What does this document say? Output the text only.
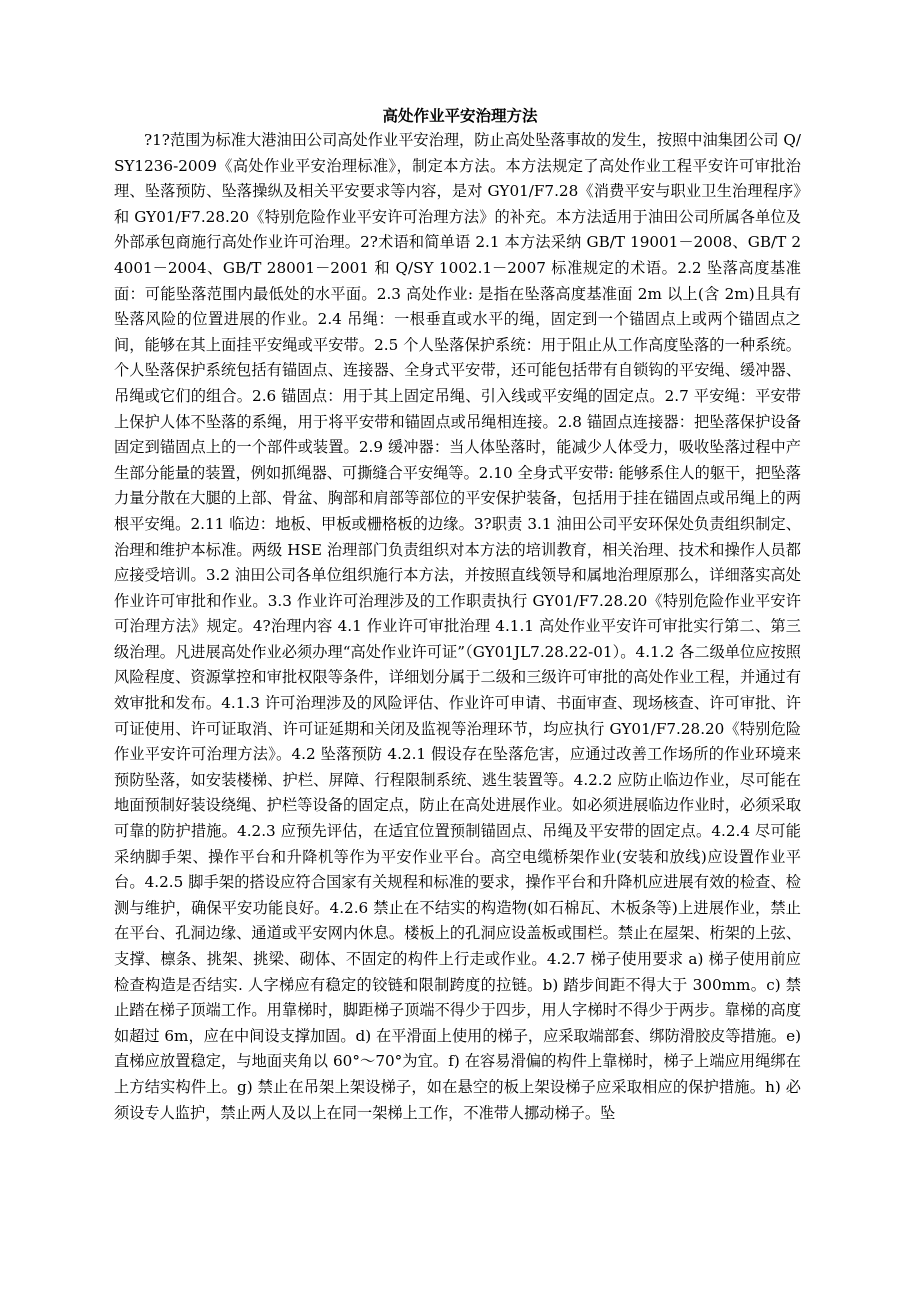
高处作业平安治理方法

?1?范围为标准大港油田公司高处作业平安治理，防止高处坠落事故的发生，按照中油集团公司 Q/SY1236-2009《高处作业平安治理标准》，制定本方法。本方法规定了高处作业工程平安许可审批治理、坠落预防、坠落操纵及相关平安要求等内容，是对 GY01/F7.28《消费平安与职业卫生治理程序》和 GY01/F7.28.20《特别危险作业平安许可治理方法》的补充。本方法适用于油田公司所属各单位及外部承包商施行高处作业许可治理。2?术语和简单语 2.1 本方法采纳 GB/T 19001－2008、GB/T 24001－2004、GB/T 28001－2001 和 Q/SY 1002.1－2007 标准规定的术语。2.2 坠落高度基准面：可能坠落范围内最低处的水平面。2.3 高处作业: 是指在坠落高度基准面 2m 以上(含 2m)且具有坠落风险的位置进展的作业。2.4 吊绳：一根垂直或水平的绳，固定到一个锚固点上或两个锚固点之间，能够在其上面挂平安绳或平安带。2.5 个人坠落保护系统：用于阻止从工作高度坠落的一种系统。个人坠落保护系统包括有锚固点、连接器、全身式平安带，还可能包括带有自锁钩的平安绳、缓冲器、吊绳或它们的组合。2.6 锚固点：用于其上固定吊绳、引入线或平安绳的固定点。2.7 平安绳：平安带上保护人体不坠落的系绳，用于将平安带和锚固点或吊绳相连接。2.8 锚固点连接器：把坠落保护设备固定到锚固点上的一个部件或装置。2.9 缓冲器：当人体坠落时，能减少人体受力，吸收坠落过程中产生部分能量的装置，例如抓绳器、可撕缝合平安绳等。2.10 全身式平安带: 能够系住人的躯干，把坠落力量分散在大腿的上部、骨盆、胸部和肩部等部位的平安保护装备，包括用于挂在锚固点或吊绳上的两根平安绳。2.11 临边：地板、甲板或栅格板的边缘。3?职责 3.1 油田公司平安环保处负责组织制定、治理和维护本标准。两级 HSE 治理部门负责组织对本方法的培训教育，相关治理、技术和操作人员都应接受培训。3.2 油田公司各单位组织施行本方法，并按照直线领导和属地治理原那么，详细落实高处作业许可审批和作业。3.3 作业许可治理涉及的工作职责执行 GY01/F7.28.20《特别危险作业平安许可治理方法》规定。4?治理内容 4.1 作业许可审批治理 4.1.1 高处作业平安许可审批实行第二、第三级治理。凡进展高处作业必须办理“高处作业许可证”（GY01JL7.28.22-01）。4.1.2 各二级单位应按照风险程度、资源掌控和审批权限等条件，详细划分属于二级和三级许可审批的高处作业工程，并通过有效审批和发布。4.1.3 许可治理涉及的风险评估、作业许可申请、书面审查、现场核查、许可审批、许可证使用、许可证取消、许可证延期和关闭及监视等治理环节，均应执行 GY01/F7.28.20《特别危险作业平安许可治理方法》。4.2 坠落预防 4.2.1 假设存在坠落危害，应通过改善工作场所的作业环境来预防坠落，如安装楼梯、护栏、屏障、行程限制系统、逃生装置等。4.2.2 应防止临边作业，尽可能在地面预制好装设绕绳、护栏等设备的固定点，防止在高处进展作业。如必须进展临边作业时，必须采取可靠的防护措施。4.2.3 应预先评估，在适宜位置预制锚固点、吊绳及平安带的固定点。4.2.4 尽可能采纳脚手架、操作平台和升降机等作为平安作业平台。高空电缆桥架作业(安装和放线)应设置作业平台。4.2.5 脚手架的搭设应符合国家有关规程和标准的要求，操作平台和升降机应进展有效的检查、检测与维护，确保平安功能良好。4.2.6 禁止在不结实的构造物(如石棉瓦、木板条等)上进展作业，禁止在平台、孔洞边缘、通道或平安网内休息。楼板上的孔洞应设盖板或围栏。禁止在屋架、桁架的上弦、支撑、檩条、挑架、挑梁、砌体、不固定的构件上行走或作业。4.2.7 梯子使用要求 a) 梯子使用前应检查构造是否结实. 人字梯应有稳定的铰链和限制跨度的拉链。b) 踏步间距不得大于 300mm。c) 禁止踏在梯子顶端工作。用靠梯时，脚距梯子顶端不得少于四步，用人字梯时不得少于两步。靠梯的高度如超过 6m，应在中间设支撑加固。d) 在平滑面上使用的梯子，应采取端部套、绑防滑胶皮等措施。e) 直梯应放置稳定，与地面夹角以 60°～70°为宜。f) 在容易滑偏的构件上靠梯时，梯子上端应用绳绑在上方结实构件上。g) 禁止在吊架上架设梯子，如在悬空的板上架设梯子应采取相应的保护措施。h) 必须设专人监护，禁止两人及以上在同一架梯上工作，不准带人挪动梯子。坠
